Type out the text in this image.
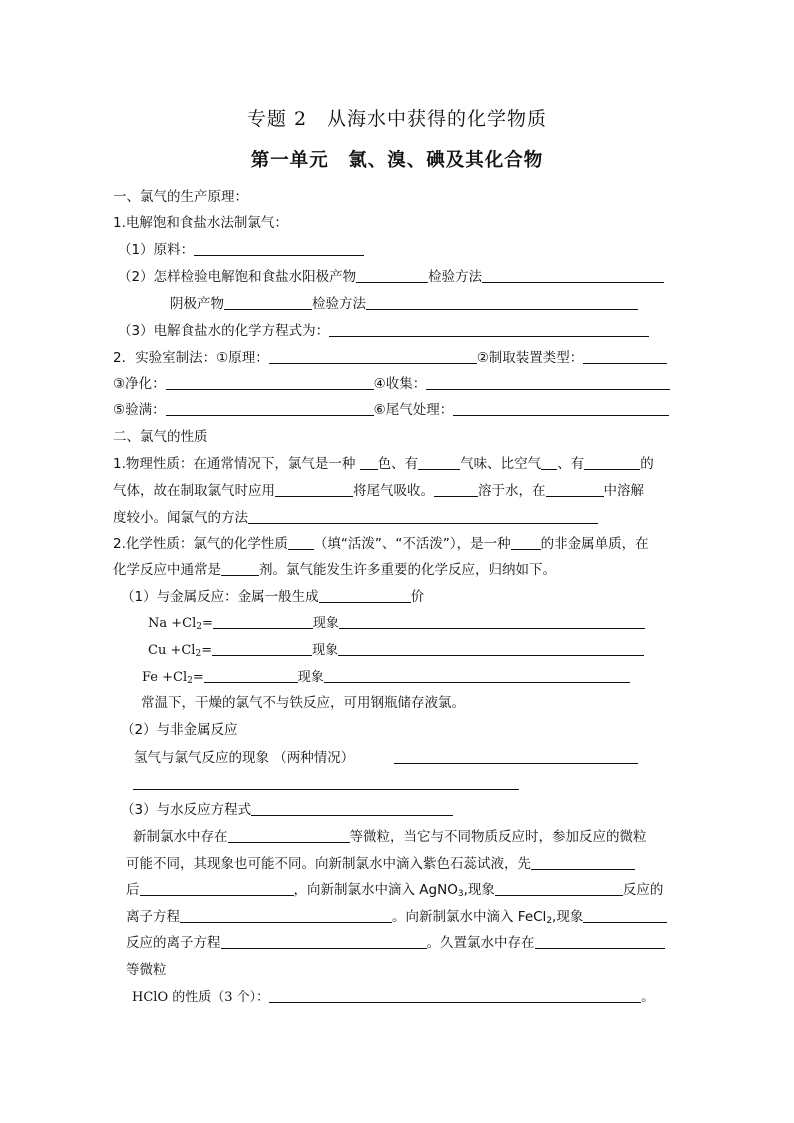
专题 2　从海水中获得的化学物质
第一单元　氯、溴、碘及其化合物
一、氯气的生产原理：
1.电解饱和食盐水法制氯气：
（1）原料：
（2）怎样检验电解饱和食盐水阳极产物	检验方法
阴极产物	检验方法
（3）电解食盐水的化学方程式为：
2．实验室制法：①原理：	②制取装置类型：
③净化：	④收集：
⑤验满：	⑥尾气处理：
二、氯气的性质
1.物理性质：在通常情况下，氯气是一种 色、有	气味、比空气 、有	的
气体，故在制取氯气时应用	将尾气吸收。	溶于水，在	中溶解
度较小。闻氯气的方法
2.化学性质：氯气的化学性质 （填“活泼”、“不活泼”），是一种 的非金属单质，在
化学反应中通常是	剂。氯气能发生许多重要的化学反应，归纳如下。
（1）与金属反应：金属一般生成	价
$Na +Cl_2=$	现象
$Cu +Cl_2=$	现象
$Fe +Cl_2=$	现象
常温下，干燥的氯气不与铁反应，可用钢瓶储存液氯。
（2）与非金属反应
氢气与氯气反应的现象 （两种情况）
（3）与水反应方程式
新制氯水中存在	等微粒，当它与不同物质反应时，参加反应的微粒
可能不同，其现象也可能不同。向新制氯水中滴入紫色石蕊试液，先
后	，向新制氯水中滴入 AgNO$_3$,现象	反应的
离子方程	。向新制氯水中滴入 FeCl$_2$,现象
反应的离子方程	。久置氯水中存在
等微粒
HClO 的性质（3 个）：	。
